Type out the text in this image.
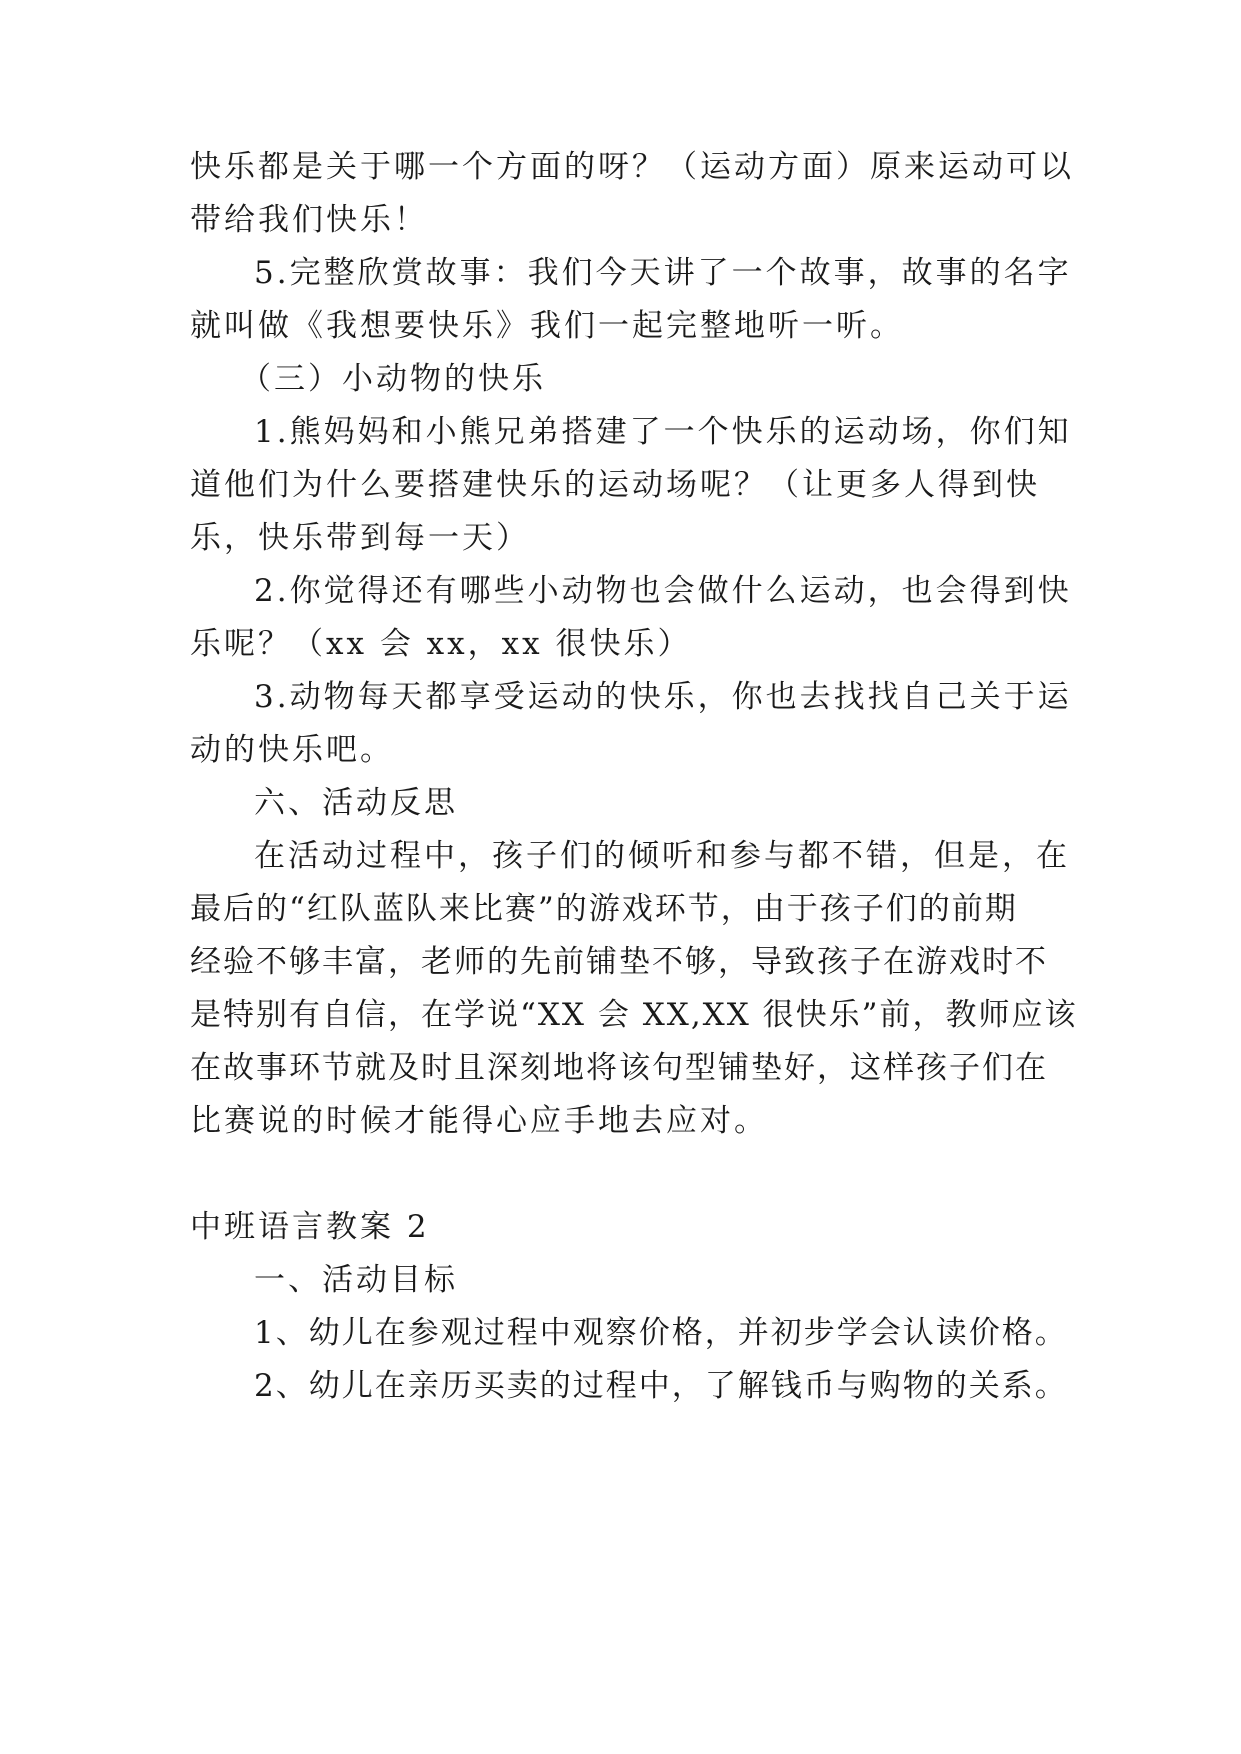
快乐都是关于哪一个方面的呀？（运动方面）原来运动可以
带给我们快乐！
5.完整欣赏故事：我们今天讲了一个故事，故事的名字
就叫做《我想要快乐》我们一起完整地听一听。
（三）小动物的快乐
1.熊妈妈和小熊兄弟搭建了一个快乐的运动场，你们知
道他们为什么要搭建快乐的运动场呢？（让更多人得到快
乐，快乐带到每一天）
2.你觉得还有哪些小动物也会做什么运动，也会得到快
乐呢？（xx 会 xx，xx 很快乐）
3.动物每天都享受运动的快乐，你也去找找自己关于运
动的快乐吧。
六、活动反思
在活动过程中，孩子们的倾听和参与都不错，但是，在
最后的“红队蓝队来比赛”的游戏环节，由于孩子们的前期
经验不够丰富，老师的先前铺垫不够，导致孩子在游戏时不
是特别有自信，在学说“XX 会 XX,XX 很快乐”前，教师应该
在故事环节就及时且深刻地将该句型铺垫好，这样孩子们在
比赛说的时候才能得心应手地去应对。
中班语言教案 2
一、活动目标
1、幼儿在参观过程中观察价格，并初步学会认读价格。
2、幼儿在亲历买卖的过程中，了解钱币与购物的关系。
